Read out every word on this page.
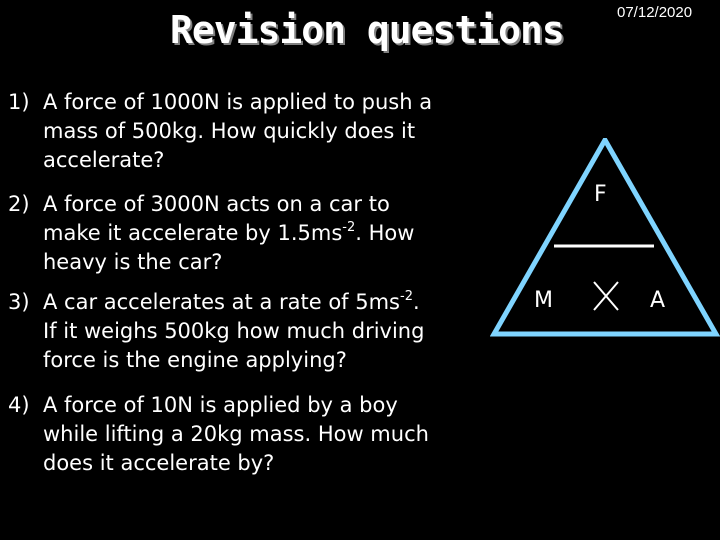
Revision questions	07/12/2020
1) A force of 1000N is applied to push a
mass of 500kg. How quickly does it
accelerate?
2) A force of 3000N acts on a car to
make it accelerate by $1.5ms^{-2}$. How
heavy is the car?
3) A car accelerates at a rate of $5ms^{-2}$.
If it weighs 500kg how much driving
force is the engine applying?
4) A force of 10N is applied by a boy
while lifting a 20kg mass. How much
does it accelerate by?
F
M	A
